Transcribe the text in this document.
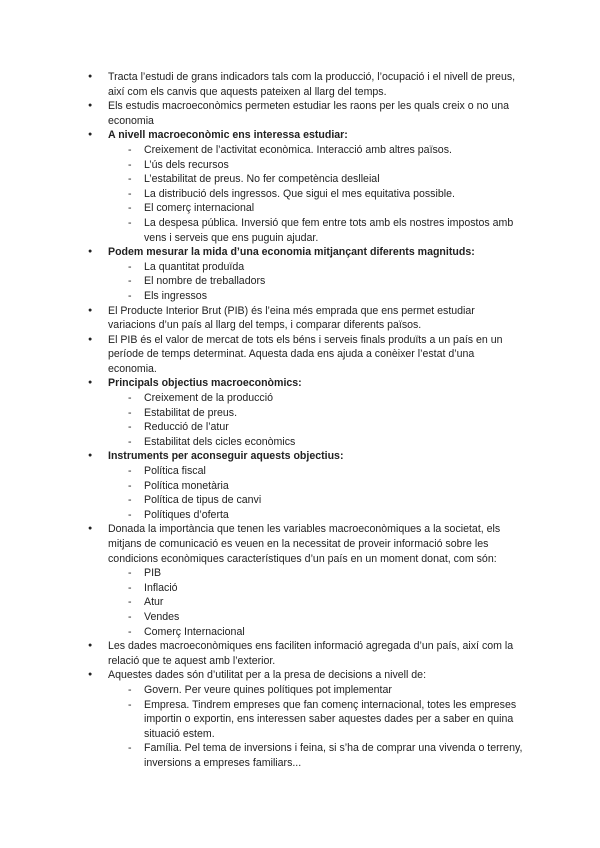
● Tracta l’estudi de grans indicadors tals com la producció, l’ocupació i el nivell de preus, així com els canvis que aquests pateixen al llarg del temps.
● Els estudis macroeconòmics permeten estudiar les raons per les quals creix o no una economia
● A nivell macroeconòmic ens interessa estudiar:
- Creixement de l’activitat econòmica. Interacció amb altres països.
- L’ús dels recursos
- L’estabilitat de preus. No fer competència deslleial
- La distribució dels ingressos. Que sigui el mes equitativa possible.
- El comerç internacional
- La despesa pública. Inversió que fem entre tots amb els nostres impostos amb vens i serveis que ens puguin ajudar.
● Podem mesurar la mida d’una economia mitjançant diferents magnituds:
- La quantitat produïda
- El nombre de treballadors
- Els ingressos
● El Producte Interior Brut (PIB) és l’eina més emprada que ens permet estudiar variacions d’un país al llarg del temps, i comparar diferents països.
● El PIB és el valor de mercat de tots els béns i serveis finals produïts a un país en un període de temps determinat. Aquesta dada ens ajuda a conèixer l’estat d’una economia.
● Principals objectius macroeconòmics:
- Creixement de la producció
- Estabilitat de preus.
- Reducció de l’atur
- Estabilitat dels cicles econòmics
● Instruments per aconseguir aquests objectius:
- Política fiscal
- Política monetària
- Política de tipus de canvi
- Polítiques d’oferta
● Donada la importància que tenen les variables macroeconòmiques a la societat, els mitjans de comunicació es veuen en la necessitat de proveir informació sobre les condicions econòmiques característiques d’un país en un moment donat, com són:
- PIB
- Inflació
- Atur
- Vendes
- Comerç Internacional
● Les dades macroeconòmiques ens faciliten informació agregada d’un país, així com la relació que te aquest amb l’exterior.
● Aquestes dades són d’utilitat per a la presa de decisions a nivell de:
- Govern. Per veure quines polítiques pot implementar
- Empresa. Tindrem empreses que fan començ internacional, totes les empreses importin o exportin, ens interessen saber aquestes dades per a saber en quina situació estem.
- Família. Pel tema de inversions i feina, si s’ha de comprar una vivenda o terreny, inversions a empreses familiars...
